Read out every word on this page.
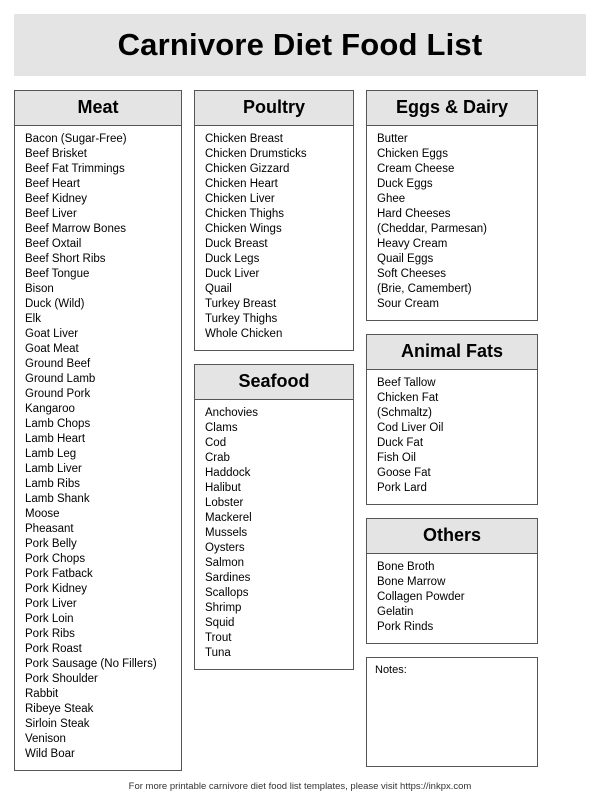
Carnivore Diet Food List
Meat
Bacon (Sugar-Free)
Beef Brisket
Beef Fat Trimmings
Beef Heart
Beef Kidney
Beef Liver
Beef Marrow Bones
Beef Oxtail
Beef Short Ribs
Beef Tongue
Bison
Duck (Wild)
Elk
Goat Liver
Goat Meat
Ground Beef
Ground Lamb
Ground Pork
Kangaroo
Lamb Chops
Lamb Heart
Lamb Leg
Lamb Liver
Lamb Ribs
Lamb Shank
Moose
Pheasant
Pork Belly
Pork Chops
Pork Fatback
Pork Kidney
Pork Liver
Pork Loin
Pork Ribs
Pork Roast
Pork Sausage (No Fillers)
Pork Shoulder
Rabbit
Ribeye Steak
Sirloin Steak
Venison
Wild Boar
Poultry
Chicken Breast
Chicken Drumsticks
Chicken Gizzard
Chicken Heart
Chicken Liver
Chicken Thighs
Chicken Wings
Duck Breast
Duck Legs
Duck Liver
Quail
Turkey Breast
Turkey Thighs
Whole Chicken
Seafood
Anchovies
Clams
Cod
Crab
Haddock
Halibut
Lobster
Mackerel
Mussels
Oysters
Salmon
Sardines
Scallops
Shrimp
Squid
Trout
Tuna
Eggs & Dairy
Butter
Chicken Eggs
Cream Cheese
Duck Eggs
Ghee
Hard Cheeses
(Cheddar, Parmesan)
Heavy Cream
Quail Eggs
Soft Cheeses
(Brie, Camembert)
Sour Cream
Animal Fats
Beef Tallow
Chicken Fat
(Schmaltz)
Cod Liver Oil
Duck Fat
Fish Oil
Goose Fat
Pork Lard
Others
Bone Broth
Bone Marrow
Collagen Powder
Gelatin
Pork Rinds
Notes:
For more printable carnivore diet food list templates, please visit https://inkpx.com
